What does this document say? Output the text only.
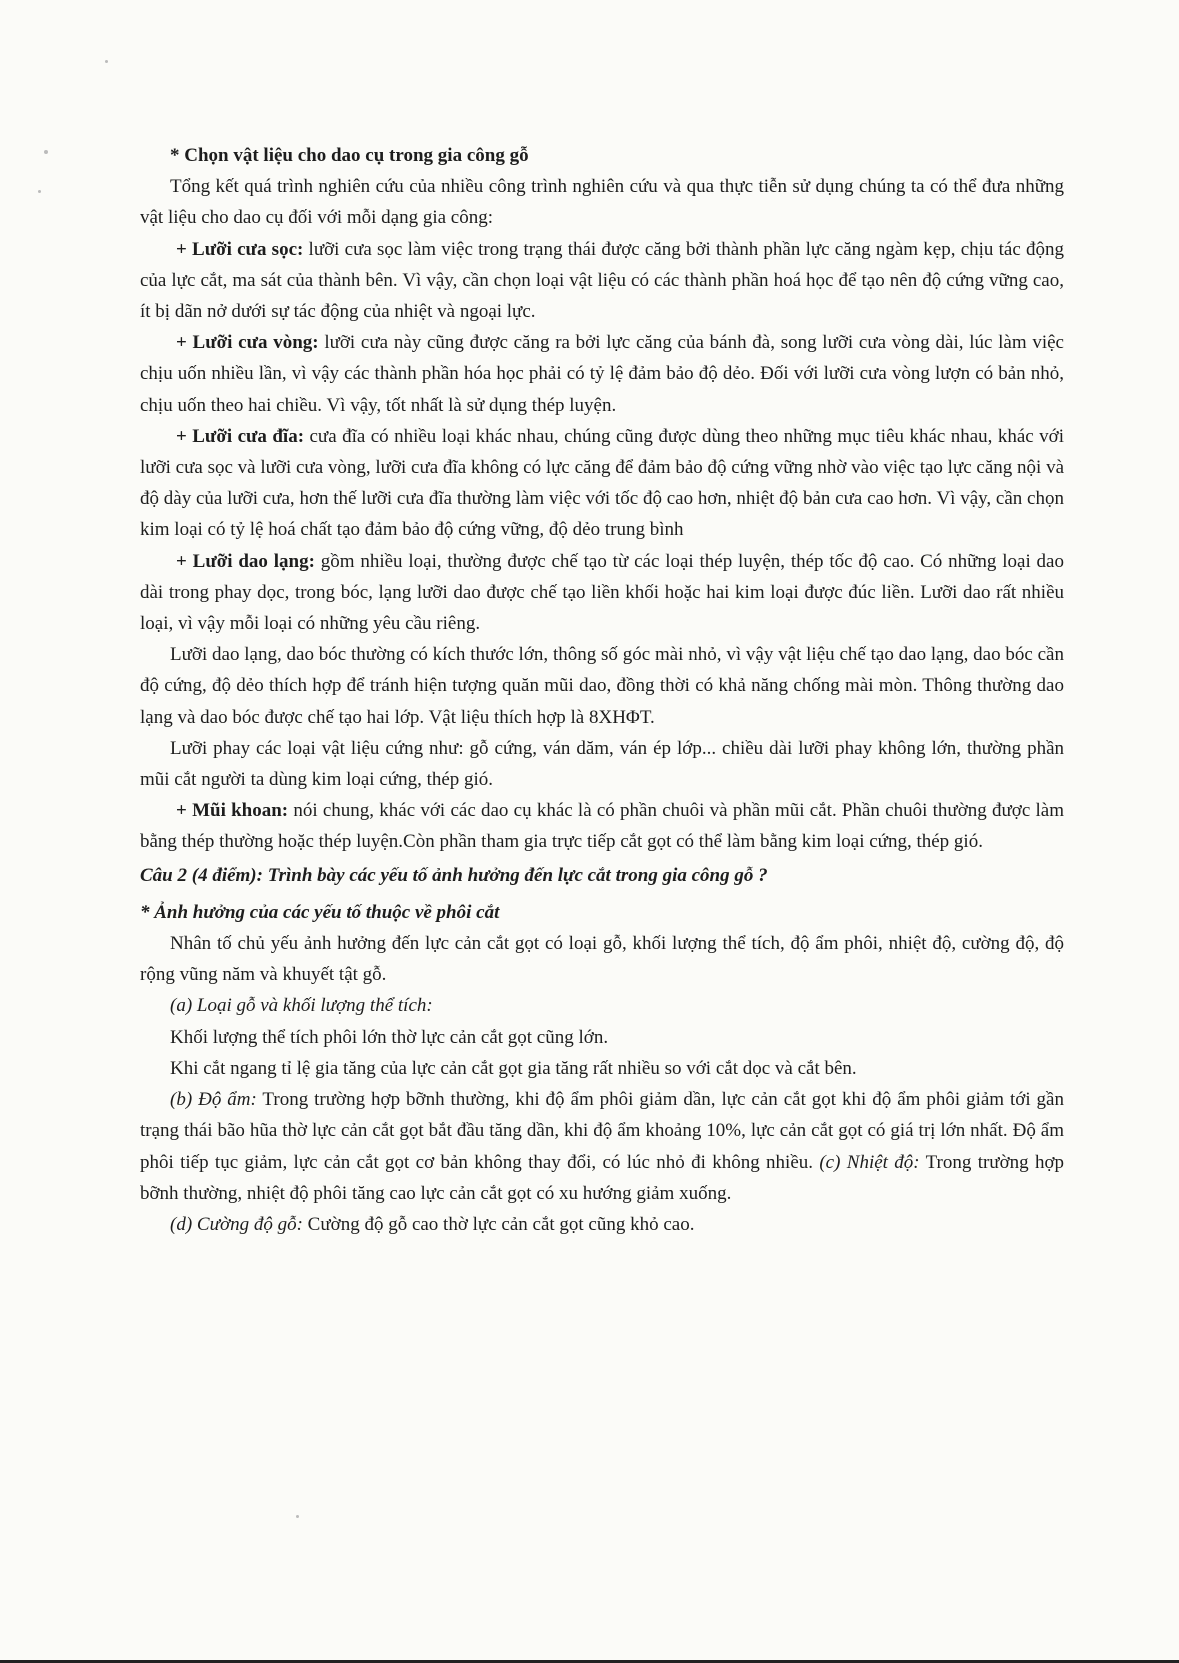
* Chọn vật liệu cho dao cụ trong gia công gỗ

Tổng kết quá trình nghiên cứu của nhiều công trình nghiên cứu và qua thực tiễn sử dụng chúng ta có thể đưa những vật liệu cho dao cụ đối với mỗi dạng gia công:

+ Lưỡi cưa sọc: lưỡi cưa sọc làm việc trong trạng thái được căng bởi thành phần lực căng ngàm kẹp, chịu tác động của lực cắt, ma sát của thành bên. Vì vậy, cần chọn loại vật liệu có các thành phần hoá học để tạo nên độ cứng vững cao, ít bị dãn nở dưới sự tác động của nhiệt và ngoại lực.

+ Lưỡi cưa vòng: lưỡi cưa này cũng được căng ra bởi lực căng của bánh đà, song lưỡi cưa vòng dài, lúc làm việc chịu uốn nhiều lần, vì vậy các thành phần hóa học phải có tỷ lệ đảm bảo độ dẻo. Đối với lưỡi cưa vòng lượn có bản nhỏ, chịu uốn theo hai chiều. Vì vậy, tốt nhất là sử dụng thép luyện.

+ Lưỡi cưa đĩa: cưa đĩa có nhiều loại khác nhau, chúng cũng được dùng theo những mục tiêu khác nhau, khác với lưỡi cưa sọc và lưỡi cưa vòng, lưỡi cưa đĩa không có lực căng để đảm bảo độ cứng vững nhờ vào việc tạo lực căng nội và độ dày của lưỡi cưa, hơn thế lưỡi cưa đĩa thường làm việc với tốc độ cao hơn, nhiệt độ bản cưa cao hơn. Vì vậy, cần chọn kim loại có tỷ lệ hoá chất tạo đảm bảo độ cứng vững, độ dẻo trung bình

+ Lưỡi dao lạng: gồm nhiều loại, thường được chế tạo từ các loại thép luyện, thép tốc độ cao. Có những loại dao dài trong phay dọc, trong bóc, lạng lưỡi dao được chế tạo liền khối hoặc hai kim loại được đúc liền. Lưỡi dao rất nhiều loại, vì vậy mỗi loại có những yêu cầu riêng.

Lưỡi dao lạng, dao bóc thường có kích thước lớn, thông số góc mài nhỏ, vì vậy vật liệu chế tạo dao lạng, dao bóc cần độ cứng, độ dẻo thích hợp để tránh hiện tượng quăn mũi dao, đồng thời có khả năng chống mài mòn. Thông thường dao lạng và dao bóc được chế tạo hai lớp. Vật liệu thích hợp là 8XHΦT.

Lưỡi phay các loại vật liệu cứng như: gỗ cứng, ván dăm, ván ép lớp... chiều dài lưỡi phay không lớn, thường phần mũi cắt người ta dùng kim loại cứng, thép gió.

+ Mũi khoan: nói chung, khác với các dao cụ khác là có phần chuôi và phần mũi cắt. Phần chuôi thường được làm bằng thép thường hoặc thép luyện.Còn phần tham gia trực tiếp cắt gọt có thể làm bằng kim loại cứng, thép gió.

Câu 2 (4 điểm): Trình bày các yếu tố ảnh hưởng đến lực cắt trong gia công gỗ ?

* Ảnh hưởng của các yếu tố thuộc về phôi cắt

Nhân tố chủ yếu ảnh hưởng đến lực cản cắt gọt có loại gỗ, khối lượng thể tích, độ ẩm phôi, nhiệt độ, cường độ, độ rộng vũng năm và khuyết tật gỗ.

(a) Loại gỗ và khối lượng thể tích:

Khối lượng thể tích phôi lớn thờ lực cản cắt gọt cũng lớn.

Khi cắt ngang tỉ lệ gia tăng của lực cản cắt gọt gia tăng rất nhiều so với cắt dọc và cắt bên.

(b) Độ ẩm: Trong trường hợp bỡnh thường, khi độ ẩm phôi giảm dần, lực cản cắt gọt khi độ ẩm phôi giảm tới gần trạng thái bão hũa thờ lực cản cắt gọt bắt đầu tăng dần, khi độ ẩm khoảng 10%, lực cản cắt gọt có giá trị lớn nhất. Độ ẩm phôi tiếp tục giảm, lực cản cắt gọt cơ bản không thay đổi, có lúc nhỏ đi không nhiều. (c) Nhiệt độ: Trong trường hợp bỡnh thường, nhiệt độ phôi tăng cao lực cản cắt gọt có xu hướng giảm xuống.

(d) Cường độ gỗ: Cường độ gỗ cao thờ lực cản cắt gọt cũng khỏ cao.
